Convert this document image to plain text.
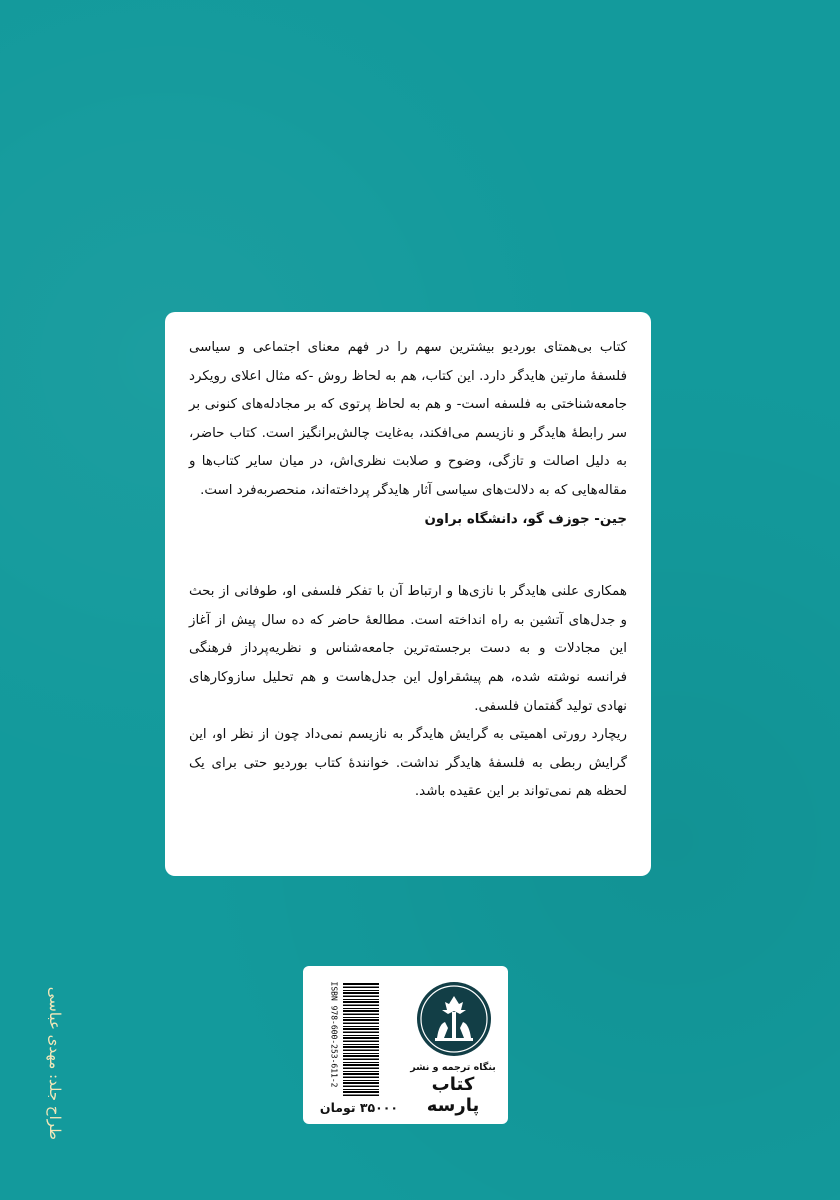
کتاب بی‌همتای بوردیو بیشترین سهم را در فهم معنای اجتماعی و سیاسی فلسفهٔ مارتین هایدگر دارد. این کتاب، هم به لحاظ روش -که مثال اعلای رویکرد جامعه‌شناختی به فلسفه است- و هم به لحاظ پرتوی که بر مجادله‌های کنونی بر سر رابطهٔ هایدگر و نازیسم می‌افکند، به‌غایت چالش‌برانگیز است. کتاب حاضر، به دلیل اصالت و تازگی، وضوح و صلابت نظری‌اش، در میان سایر کتاب‌ها و مقاله‌هایی که به دلالت‌های سیاسی آثار هایدگر پرداخته‌اند، منحصربه‌فرد است.

جین- جوزف گو، دانشگاه براون

همکاری علنی هایدگر با نازی‌ها و ارتباط آن با تفکر فلسفی او، طوفانی از بحث و جدل‌های آتشین به راه انداخته است. مطالعهٔ حاضر که ده سال پیش از آغاز این مجادلات و به دست برجسته‌ترین جامعه‌شناس و نظریه‌پرداز فرهنگی فرانسه نوشته شده، هم پیشقراول این جدل‌هاست و هم تحلیل سازوکارهای نهادی تولید گفتمان فلسفی.

ریچارد رورتی اهمیتی به گرایش هایدگر به نازیسم نمی‌داد چون از نظر او، این گرایش ربطی به فلسفهٔ هایدگر نداشت. خوانندهٔ کتاب بوردیو حتی برای یک لحظه هم نمی‌تواند بر این عقیده باشد.

طراح جلد: مهدی عباسی	ISBN 978-600-253-611-2	بنگاه ترجمه و نشر
کتاب پارسه
۳۵۰۰۰ تومان
